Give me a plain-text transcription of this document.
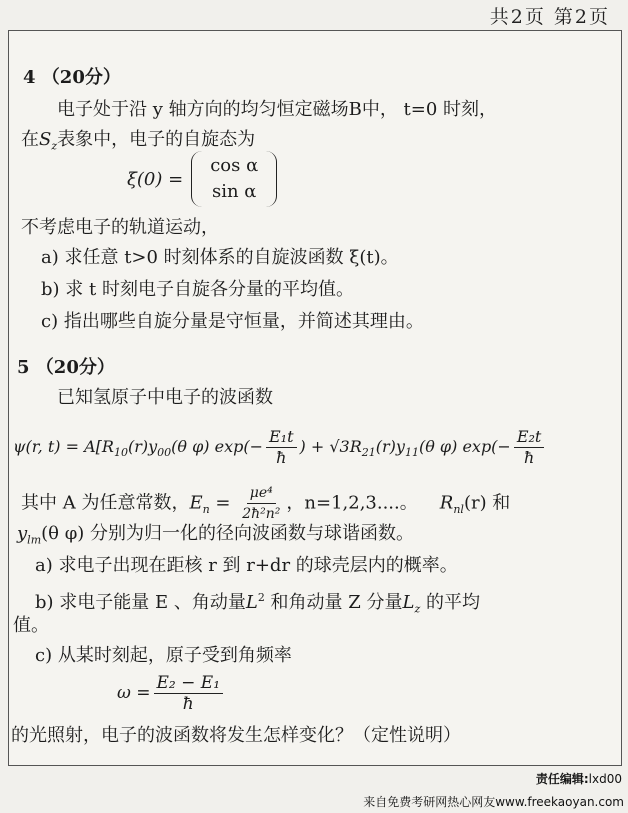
共2页 第2页
4 （20分）
电子处于沿 y 轴方向的均匀恒定磁场B中， t=0 时刻，
在$S_z$表象中，电子的自旋态为
ξ(0) =
cos α
sin α
不考虑电子的轨道运动，
a) 求任意 t>0 时刻体系的自旋波函数 ξ(t)。
b) 求 t 时刻电子自旋各分量的平均值。
c) 指出哪些自旋分量是守恒量，并简述其理由。
5 （20分）
已知氢原子中电子的波函数
ψ(r, $t) = A[R_{10}(r)y_{00}(\theta$ φ) $\exp(- \frac{\text{E₁t}}{ħ}$ ) + $√3R_{21}(r)y_{11}(\theta$ φ) $\exp(- \frac{\text{E₂t}}{ħ}$
其中 A 为任意常数，$E_n = \frac{\text{μe⁴}}{\text{2ħ²n²}}$ ，n=1,2,3....。 $R_{nl}(r)$ 和
$y_{lm}(\theta$ φ) 分别为归一化的径向波函数与球谐函数。
a) 求电子出现在距核 r 到 r+dr 的球壳层内的概率。
b) 求电子能量 E 、角动量$L^2$ 和角动量 Z 分量$L_z$ 的平均
值。
c) 从某时刻起，原子受到角频率
$\omega = \frac{\text{E₂ − E₁}}{ħ}$
的光照射，电子的波函数将发生怎样变化？（定性说明）
责任编辑:lxd00
来自免费考研网热心网友www.freekaoyan.com
